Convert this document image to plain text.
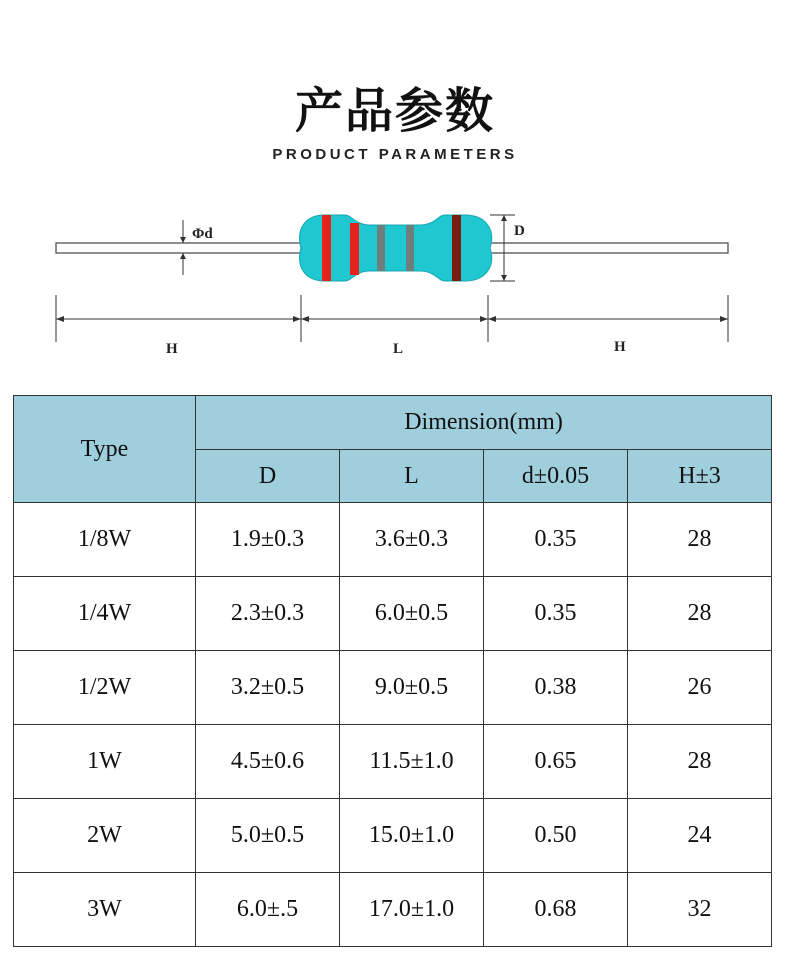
产品参数
PRODUCT PARAMETERS
Φd	D
H	L	H
Type	Dimension(mm)			
	D	L	d±0.05	H±3
1/8W	1.9±0.3	3.6±0.3	0.35	28
1/4W	2.3±0.3	6.0±0.5	0.35	28
1/2W	3.2±0.5	9.0±0.5	0.38	26
1W	4.5±0.6	11.5±1.0	0.65	28
2W	5.0±0.5	15.0±1.0	0.50	24
3W	6.0±.5	17.0±1.0	0.68	32
